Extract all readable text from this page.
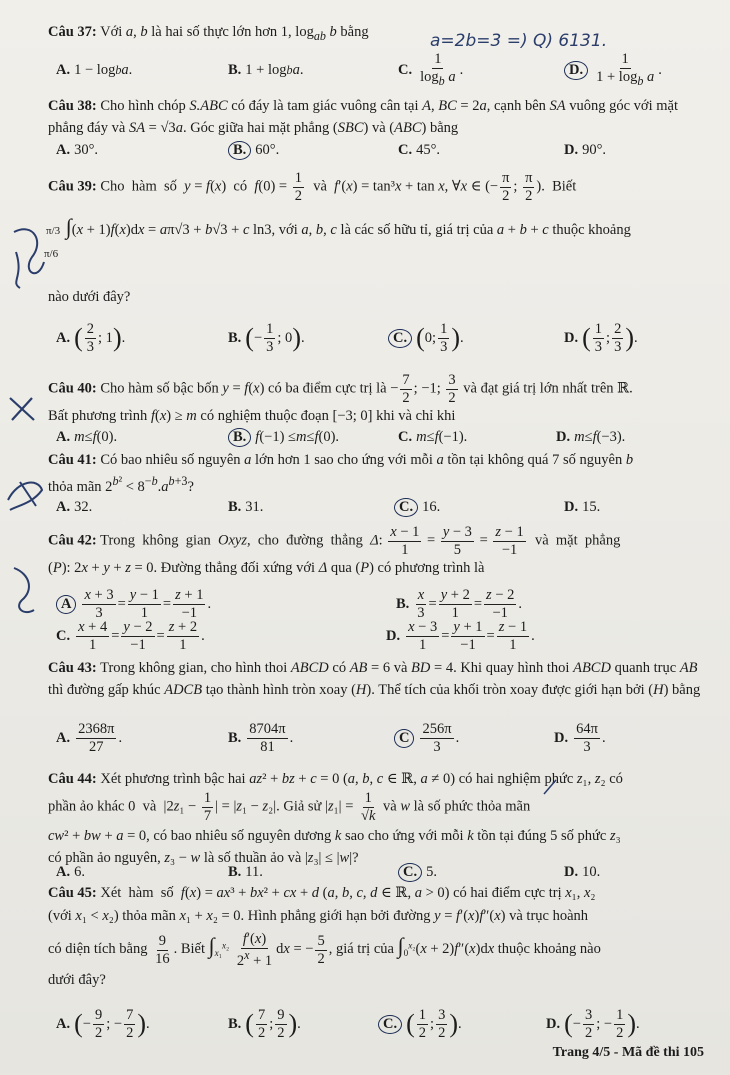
a=2b=3 =) Q) 6131.
Câu 37: Với a, b là hai số thực lớn hơn 1, $\log_{ab} b$ bằng
A. 1 − log b a .	B. 1 + log b a .	C. $\frac{1}{\log_b a}$ .	D. $\frac{1}{1 + \log_b a}$ .
Câu 38: Cho hình chóp S.ABC có đáy là tam giác vuông cân tại A, BC = 2a, cạnh bên SA vuông góc với mặt phẳng đáy và SA = √3a. Góc giữa hai mặt phẳng (SBC) và (ABC) bằng
A. 30°.	B. 60°.	C. 45°.	D. 90°.
Câu 39: Cho  hàm  số  y = f(x)  có  $f(0) = \frac{1}{2}$ và  f′(x) = tan³x + tan x, ∀x ∈ (− $\frac{\pi}{2}$ ; $\frac{\pi}{2}$ ).  Biết
π/3 ∫(x + 1)f(x)dx = aπ√3 + b√3 + c ln3, với a, b, c là các số hữu tỉ, giá trị của a + b + c thuộc khoảng
π/6
nào dưới đây?
A. ( $\frac{2}{3}$ ; 1 ) .	B. ( − $\frac{1}{3}$ ; 0 ) .	C. ( 0; $\frac{1}{3}$ ) .	D. ( $\frac{1}{3}$ ; $\frac{2}{3}$ ) .
Câu 40: Cho hàm số bậc bốn y = f(x) có ba điểm cực trị là − $\frac{7}{2}$ ; −1; $\frac{3}{2}$ và đạt giá trị lớn nhất trên ℝ.
Bất phương trình f(x) ≥ m có nghiệm thuộc đoạn [−3; 0] khi và chỉ khi
A. m ≤ f (0).	B. f (−1) ≤ m ≤ f (0).	C. m ≤ f (−1).	D. m ≤ f (−3).
Câu 41: Có bao nhiêu số nguyên a lớn hơn 1 sao cho ứng với mỗi a tồn tại không quá 7 số nguyên b
thỏa mãn $2^{b^2} < 8^{-b}.a^{b+3}$?
A. 32.	B. 31.	C. 16.	D. 15.
Câu 42: Trong  không  gian  Oxyz,  cho  đường  thẳng  Δ: $\frac{x - 1}{1} = \frac{y - 3}{5} = \frac{z - 1}{-1}$ và  mặt  phẳng
(P): 2x + y + z = 0. Đường thẳng đối xứng với Δ qua (P) có phương trình là
A $\frac{x + 3}{3} = \frac{y - 1}{1} = \frac{z + 1}{-1}$ .	B. $\frac{x}{3} = \frac{y + 2}{1} = \frac{z - 2}{-1}$ .
C. $\frac{x + 4}{1} = \frac{y - 2}{-1} = \frac{z + 2}{1}$ .	D. $\frac{x - 3}{1} = \frac{y + 1}{-1} = \frac{z - 1}{1}$ .
Câu 43: Trong không gian, cho hình thoi ABCD có AB = 6 và BD = 4. Khi quay hình thoi ABCD quanh trục AB thì đường gấp khúc ADCB tạo thành hình tròn xoay (H). Thể tích của khối tròn xoay được giới hạn bởi (H) bằng
A. $\frac{2368\pi}{27}$ .	B. $\frac{8704\pi}{81}$ .	C $\frac{256\pi}{3}$ .	D. $\frac{64\pi}{3}$ .
Câu 44: Xét phương trình bậc hai az² + bz + c = 0 (a, b, c ∈ ℝ, a ≠ 0) có hai nghiệm phức z₁, z₂ có
phần ảo khác 0  và  $|2z_1 - \frac{1}{7}$ | = |z₁ − z₂|. Giả sử $|z_1| = \frac{1}{√k}$ và w là số phức thỏa mãn
cw² + bw + a = 0, có bao nhiêu số nguyên dương k sao cho ứng với mỗi k tồn tại đúng 5 số phức z₃
có phần ảo nguyên, z₃ − w là số thuần ảo và |z₃| ≤ |w|?
A. 6.	B. 11.	C. 5.	D. 10.
Câu 45: Xét  hàm  số  f(x) = ax³ + bx² + cx + d (a, b, c, d ∈ ℝ, a > 0) có hai điểm cực trị x₁, x₂
(với x₁ < x₂) thỏa mãn x₁ + x₂ = 0. Hình phẳng giới hạn bởi đường y = f′(x)f″(x) và trục hoành
có diện tích bằng $\frac{9}{16}$ . Biết $\int_{x_1}^{x_2} \frac{f'(x)}{2^x + 1}$ dx = − $\frac{5}{2}$ , giá trị của $\int_0^{x_2}(x + 2)f''(x)dx$ thuộc khoảng nào
dưới đây?
A. ( − $\frac{9}{2}$ ; − $\frac{7}{2}$ ) .	B. ( $\frac{7}{2}$ ; $\frac{9}{2}$ ) .	C. ( $\frac{1}{2}$ ; $\frac{3}{2}$ ) .	D. ( − $\frac{3}{2}$ ; − $\frac{1}{2}$ ) .
Trang 4/5 - Mã đề thi 105
